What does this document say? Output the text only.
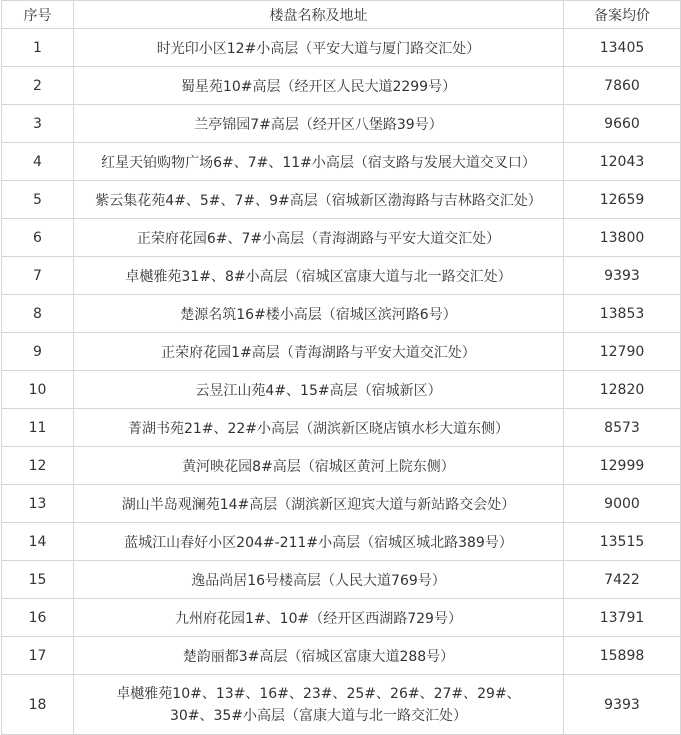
序号	楼盘名称及地址	备案均价
1	时光印小区12#小高层（平安大道与厦门路交汇处）	13405
2	蜀星苑10#高层（经开区人民大道2299号）	7860
3	兰亭锦园7#高层（经开区八堡路39号）	9660
4	红星天铂购物广场6#、7#、11#小高层（宿支路与发展大道交叉口）	12043
5	紫云集花苑4#、5#、7#、9#高层（宿城新区渤海路与吉林路交汇处）	12659
6	正荣府花园6#、7#小高层（青海湖路与平安大道交汇处）	13800
7	卓樾雅苑31#、8#小高层（宿城区富康大道与北一路交汇处）	9393
8	楚源名筑16#楼小高层（宿城区滨河路6号）	13853
9	正荣府花园1#高层（青海湖路与平安大道交汇处）	12790
10	云昱江山苑4#、15#高层（宿城新区）	12820
11	菁湖书苑21#、22#小高层（湖滨新区晓店镇水杉大道东侧）	8573
12	黄河映花园8#高层（宿城区黄河上院东侧）	12999
13	湖山半岛观澜苑14#高层（湖滨新区迎宾大道与新站路交会处）	9000
14	蓝城江山春好小区204#-211#小高层（宿城区城北路389号）	13515
15	逸品尚居16号楼高层（人民大道769号）	7422
16	九州府花园1#、10#（经开区西湖路729号）	13791
17	楚韵丽都3#高层（宿城区富康大道288号）	15898
18	卓樾雅苑10#、13#、16#、23#、25#、26#、27#、29#、30#、35#小高层（富康大道与北一路交汇处）	9393
